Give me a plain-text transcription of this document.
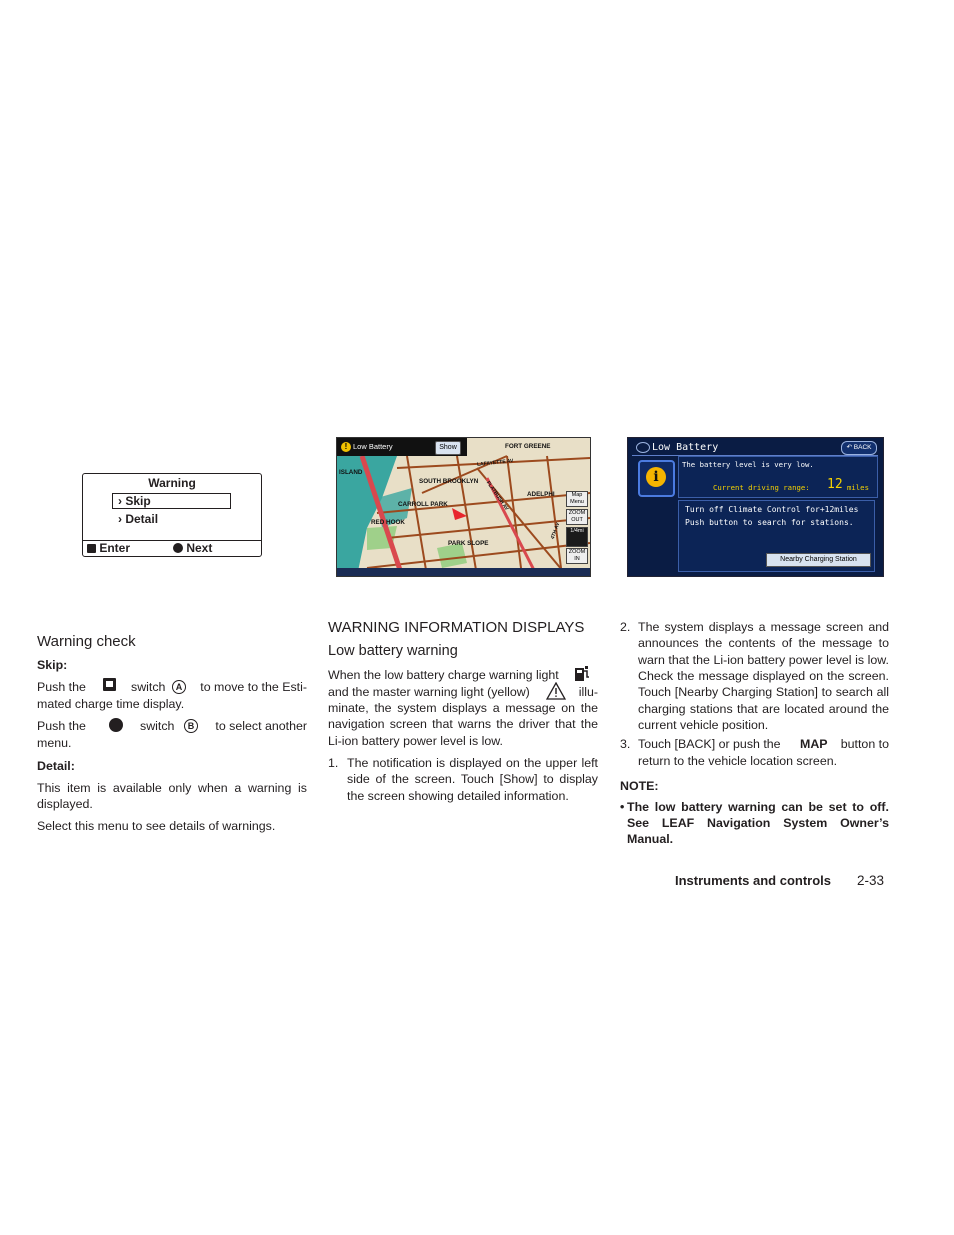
Warning
› Skip
› Detail
Enter	Next
! Low Battery	Show
ISLAND
FORT GREENE
LAFAYETTE AV
SOUTH BROOKLYN
CARROLL PARK
RED HOOK
PARK SLOPE
ADELPHI
FLATBUSH AV
4TH AV
Map Menu
ZOOM OUT
1/4mi
ZOOM IN
Low Battery	↶ BACK
i
The battery level is very low.
Current driving range: 12 miles
Turn off Climate Control for+12miles
Push button to search for stations.
Nearby Charging Station
Warning check
Skip:
Push the	switch	A	to move to the Esti-
mated charge time display.
Push the	switch	B	to select another
menu.
Detail:
This item is available only when a warning is
displayed.
Select this menu to see details of warnings.
WARNING INFORMATION DISPLAYS
Low battery warning
When the low battery charge warning light
and the master warning light (yellow)	illu-
minate, the system displays a message on the
navigation screen that warns the driver that the
Li-ion battery power level is low.
1. The notification is displayed on the upper left
side of the screen. Touch [Show] to display
the screen showing detailed information.
2. The system displays a message screen and
announces the contents of the message to
warn that the Li-ion battery power level is low.
Check the message displayed on the screen.
Touch [Nearby Charging Station] to search all
charging stations that are located around the
current vehicle position.
3. Touch [BACK] or push the MAP button to
return to the vehicle location screen.
NOTE:
• The low battery warning can be set to off.
See LEAF Navigation System Owner’s
Manual.
Instruments and controls 2-33
